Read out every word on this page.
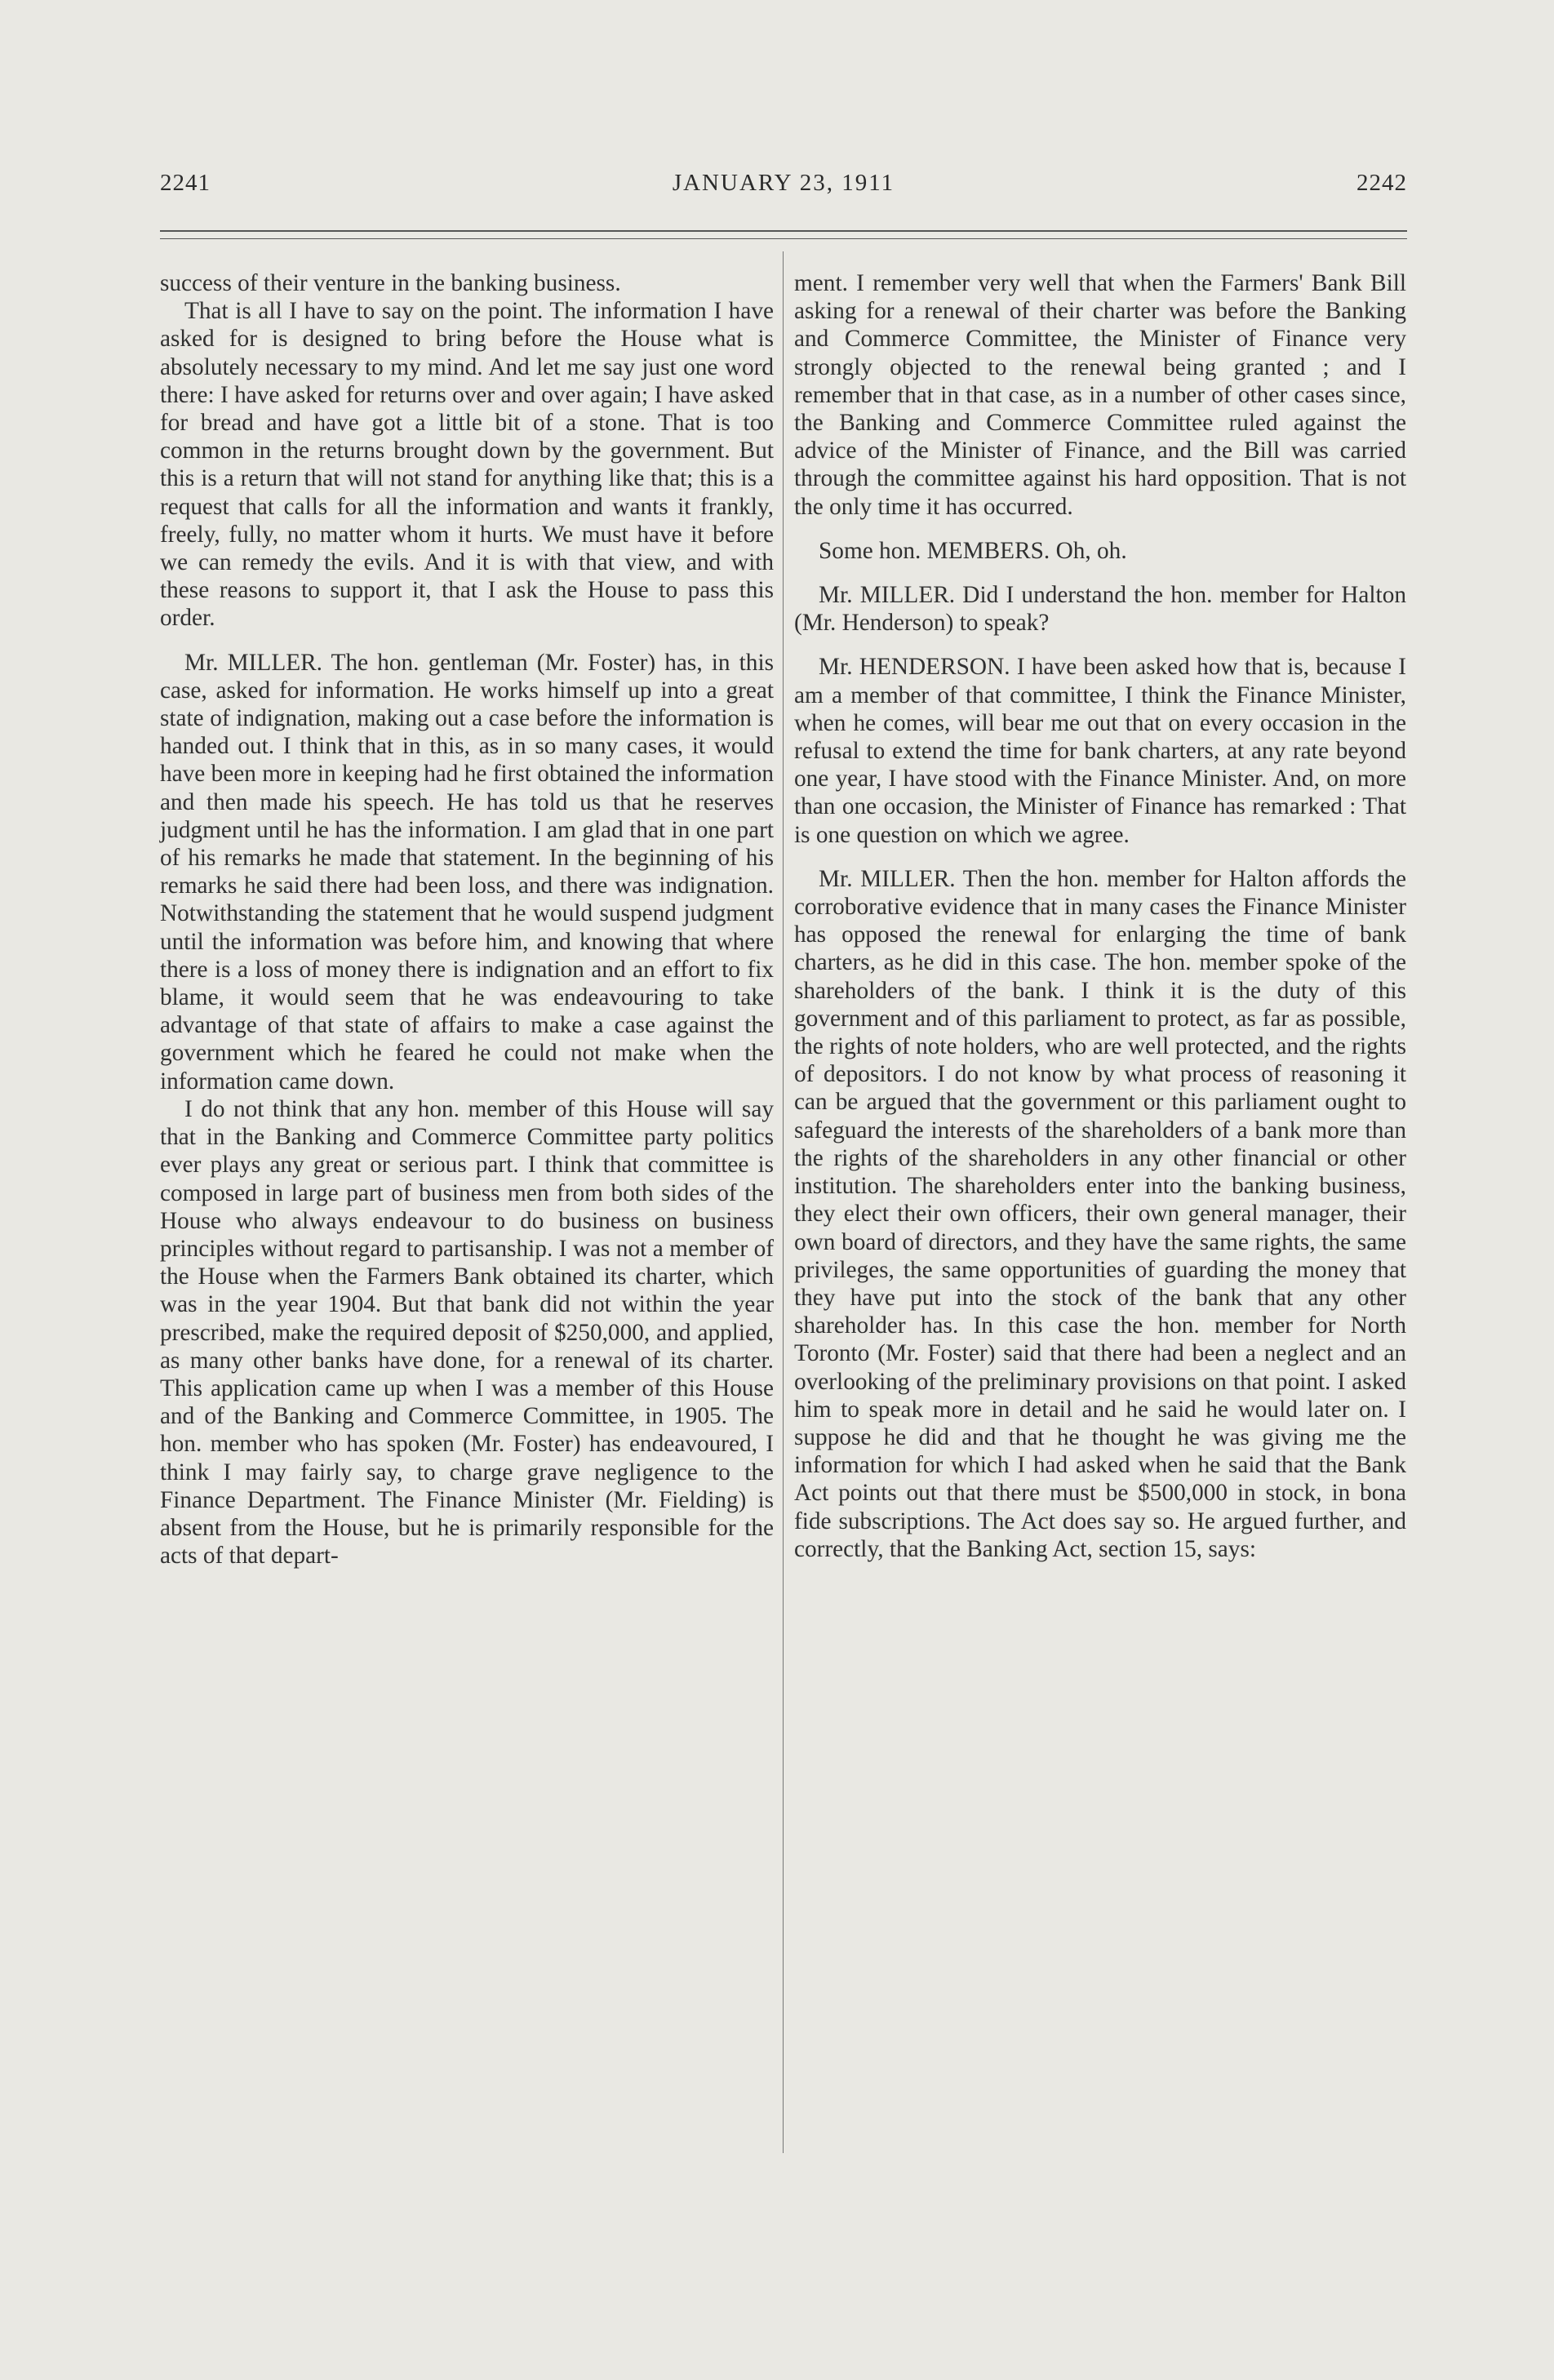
2241	JANUARY 23, 1911	2242

success of their venture in the banking business.

That is all I have to say on the point. The information I have asked for is designed to bring before the House what is absolutely necessary to my mind. And let me say just one word there: I have asked for returns over and over again; I have asked for bread and have got a little bit of a stone. That is too common in the returns brought down by the government. But this is a return that will not stand for anything like that; this is a request that calls for all the information and wants it frankly, freely, fully, no matter whom it hurts. We must have it before we can remedy the evils. And it is with that view, and with these reasons to support it, that I ask the House to pass this order.

Mr. MILLER. The hon. gentleman (Mr. Foster) has, in this case, asked for information. He works himself up into a great state of indignation, making out a case before the information is handed out. I think that in this, as in so many cases, it would have been more in keeping had he first obtained the information and then made his speech. He has told us that he reserves judgment until he has the information. I am glad that in one part of his remarks he made that statement. In the beginning of his remarks he said there had been loss, and there was indignation. Notwithstanding the statement that he would suspend judgment until the information was before him, and knowing that where there is a loss of money there is indignation and an effort to fix blame, it would seem that he was endeavouring to take advantage of that state of affairs to make a case against the government which he feared he could not make when the information came down.

I do not think that any hon. member of this House will say that in the Banking and Commerce Committee party politics ever plays any great or serious part. I think that committee is composed in large part of business men from both sides of the House who always endeavour to do business on business principles without regard to partisanship. I was not a member of the House when the Farmers Bank obtained its charter, which was in the year 1904. But that bank did not within the year prescribed, make the required deposit of $250,000, and applied, as many other banks have done, for a renewal of its charter. This application came up when I was a member of this House and of the Banking and Commerce Committee, in 1905. The hon. member who has spoken (Mr. Foster) has endeavoured, I think I may fairly say, to charge grave negligence to the Finance Department. The Finance Minister (Mr. Fielding) is absent from the House, but he is primarily responsible for the acts of that depart-

ment. I remember very well that when the Farmers' Bank Bill asking for a renewal of their charter was before the Banking and Commerce Committee, the Minister of Finance very strongly objected to the renewal being granted ; and I remember that in that case, as in a number of other cases since, the Banking and Commerce Committee ruled against the advice of the Minister of Finance, and the Bill was carried through the committee against his hard opposition. That is not the only time it has occurred.

Some hon. MEMBERS. Oh, oh.

Mr. MILLER. Did I understand the hon. member for Halton (Mr. Henderson) to speak?

Mr. HENDERSON. I have been asked how that is, because I am a member of that committee, I think the Finance Minister, when he comes, will bear me out that on every occasion in the refusal to extend the time for bank charters, at any rate beyond one year, I have stood with the Finance Minister. And, on more than one occasion, the Minister of Finance has remarked : That is one question on which we agree.

Mr. MILLER. Then the hon. member for Halton affords the corroborative evidence that in many cases the Finance Minister has opposed the renewal for enlarging the time of bank charters, as he did in this case. The hon. member spoke of the shareholders of the bank. I think it is the duty of this government and of this parliament to protect, as far as possible, the rights of note holders, who are well protected, and the rights of depositors. I do not know by what process of reasoning it can be argued that the government or this parliament ought to safeguard the interests of the shareholders of a bank more than the rights of the shareholders in any other financial or other institution. The shareholders enter into the banking business, they elect their own officers, their own general manager, their own board of directors, and they have the same rights, the same privileges, the same opportunities of guarding the money that they have put into the stock of the bank that any other shareholder has. In this case the hon. member for North Toronto (Mr. Foster) said that there had been a neglect and an overlooking of the preliminary provisions on that point. I asked him to speak more in detail and he said he would later on. I suppose he did and that he thought he was giving me the information for which I had asked when he said that the Bank Act points out that there must be $500,000 in stock, in bona fide subscriptions. The Act does say so. He argued further, and correctly, that the Banking Act, section 15, says:
